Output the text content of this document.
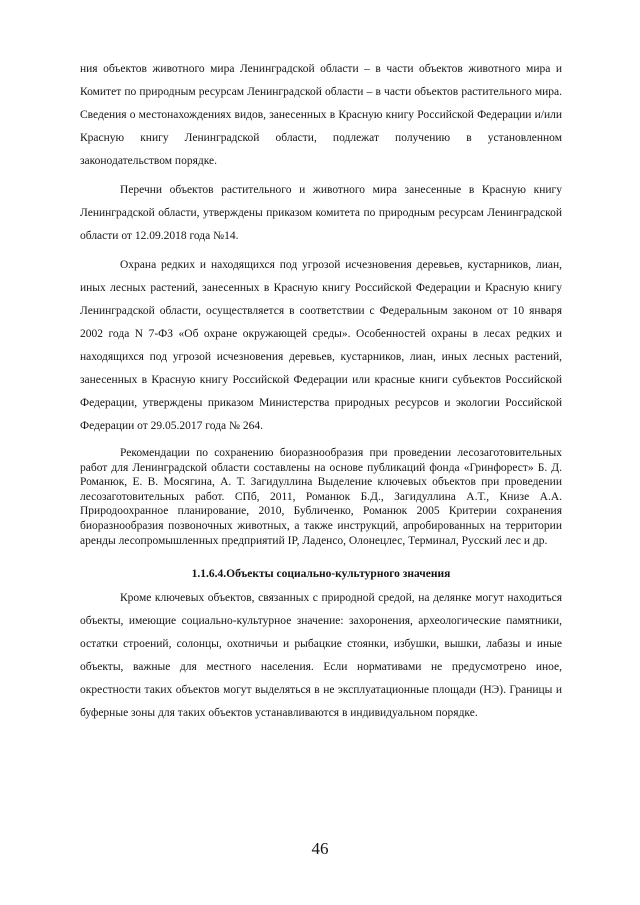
ния объектов животного мира Ленинградской области – в части объектов животного мира и Комитет по природным ресурсам Ленинградской области – в части объектов растительного мира. Сведения о местонахождениях видов, занесенных в Красную книгу Российской Федерации и/или Красную книгу Ленинградской области, подлежат получению в установленном законодательством порядке.

Перечни объектов растительного и животного мира занесенные в Красную книгу Ленинградской области, утверждены приказом комитета по природным ресурсам Ленинградской области от 12.09.2018 года №14.

Охрана редких и находящихся под угрозой исчезновения деревьев, кустарников, лиан, иных лесных растений, занесенных в Красную книгу Российской Федерации и Красную книгу Ленинградской области, осуществляется в соответствии с Федеральным законом от 10 января 2002 года N 7-ФЗ «Об охране окружающей среды». Особенностей охраны в лесах редких и находящихся под угрозой исчезновения деревьев, кустарников, лиан, иных лесных растений, занесенных в Красную книгу Российской Федерации или красные книги субъектов Российской Федерации, утверждены приказом Министерства природных ресурсов и экологии Российской Федерации от 29.05.2017 года № 264.

Рекомендации по сохранению биоразнообразия при проведении лесозаготовительных работ для Ленинградской области составлены на основе публикаций фонда «Гринфорест» Б. Д. Романюк, Е. В. Мосягина, А. Т. Загидуллина Выделение ключевых объектов при проведении лесозаготовительных работ. СПб, 2011, Романюк Б.Д., Загидуллина А.Т., Книзе А.А. Природоохранное планирование, 2010, Бубличенко, Романюк 2005 Критерии сохранения биоразнообразия позвоночных животных, а также инструкций, апробированных на территории аренды лесопромышленных предприятий IP, Ладенсо, Олонецлес, Терминал, Русский лес и др.

1.1.6.4.Объекты социально-культурного значения

Кроме ключевых объектов, связанных с природной средой, на делянке могут находиться объекты, имеющие социально-культурное значение: захоронения, археологические памятники, остатки строений, солонцы, охотничьи и рыбацкие стоянки, избушки, вышки, лабазы и иные объекты, важные для местного населения. Если нормативами не предусмотрено иное, окрестности таких объектов могут выделяться в не эксплуатационные площади (НЭ). Границы и буферные зоны для таких объектов устанавливаются в индивидуальном порядке.

46
